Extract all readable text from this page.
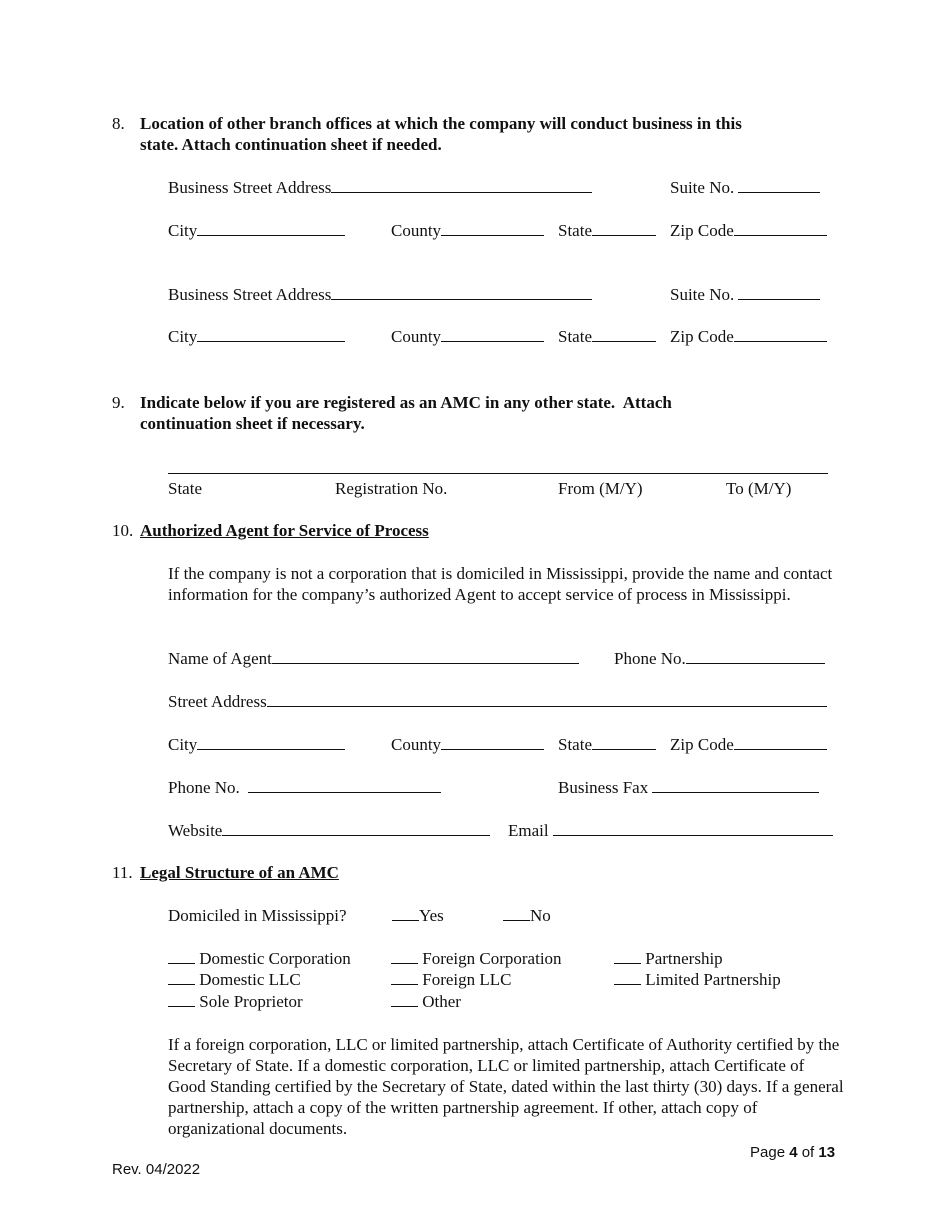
8. Location of other branch offices at which the company will conduct business in this
state. Attach continuation sheet if needed.
Business Street Address	Suite No.
City	County	State	Zip Code
Business Street Address	Suite No.
City	County	State	Zip Code
9. Indicate below if you are registered as an AMC in any other state.  Attach
continuation sheet if necessary.
State	Registration No.	From (M/Y)	To (M/Y)
10. Authorized Agent for Service of Process
If the company is not a corporation that is domiciled in Mississippi, provide the name and contact information for the company’s authorized Agent to accept service of process in Mississippi.
Name of Agent	Phone No.
Street Address
City	County	State	Zip Code
Phone No.	Business Fax
Website	Email
11. Legal Structure of an AMC
Domiciled in Mississippi?	Yes	No
Domestic Corporation	Foreign Corporation	Partnership
Domestic LLC	Foreign LLC	Limited Partnership
Sole Proprietor	Other
If a foreign corporation, LLC or limited partnership, attach Certificate of Authority certified by the Secretary of State. If a domestic corporation, LLC or limited partnership, attach Certificate of Good Standing certified by the Secretary of State, dated within the last thirty (30) days. If a general partnership, attach a copy of the written partnership agreement. If other, attach copy of organizational documents.
Page 4 of 13
Rev. 04/2022
